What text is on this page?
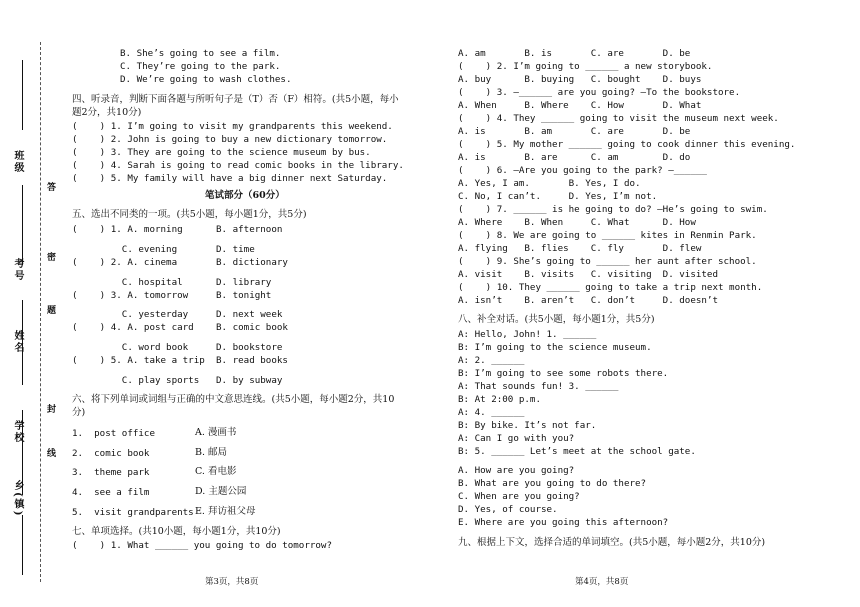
班级
考号
姓名
学校
乡(镇)
答
密
题
封
线
B. She’s going to see a film.
C. They’re going to the park.
D. We’re going to wash clothes.
四、听录音，判断下面各题与所听句子是（T）否（F）相符。(共5小题，每小
题2分，共10分)
(    ) 1. I’m going to visit my grandparents this weekend.
(    ) 2. John is going to buy a new dictionary tomorrow.
(    ) 3. They are going to the science museum by bus.
(    ) 4. Sarah is going to read comic books in the library.
(    ) 5. My family will have a big dinner next Saturday.
笔试部分（60分）
五、选出不同类的一项。(共5小题，每小题1分，共5分)
(    ) 1. A. morning	B. afternoon
C. evening	D. time
(    ) 2. A. cinema	B. dictionary
C. hospital	D. library
(    ) 3. A. tomorrow	B. tonight
C. yesterday	D. next week
(    ) 4. A. post card B. comic book
C. word book	D. bookstore
(    ) 5. A. take a trip B. read books
C. play sports D. by subway
六、将下列单词或词组与正确的中文意思连线。(共5小题，每小题2分，共10
分)
1.  post office	A. 漫画书
2.  comic book	B. 邮局
3.  theme park	C. 看电影
4.  see a film	D. 主题公园
5.  visit grandparents E. 拜访祖父母
七、单项选择。(共10小题，每小题1分，共10分)
(    ) 1. What ______ you going to do tomorrow?
第3页，共8页
A. am       B. is       C. are       D. be
(    ) 2. I’m going to ______ a new storybook.
A. buy      B. buying   C. bought    D. buys
(    ) 3. —______ are you going? —To the bookstore.
A. When     B. Where    C. How       D. What
(    ) 4. They ______ going to visit the museum next week.
A. is       B. am       C. are       D. be
(    ) 5. My mother ______ going to cook dinner this evening.
A. is       B. are      C. am        D. do
(    ) 6. —Are you going to the park? —______
A. Yes, I am.       B. Yes, I do.
C. No, I can’t.     D. Yes, I’m not.
(    ) 7. ______ is he going to do? —He’s going to swim.
A. Where    B. When     C. What      D. How
(    ) 8. We are going to ______ kites in Renmin Park.
A. flying   B. flies    C. fly       D. flew
(    ) 9. She’s going to ______ her aunt after school.
A. visit    B. visits   C. visiting  D. visited
(    ) 10. They ______ going to take a trip next month.
A. isn’t    B. aren’t   C. don’t     D. doesn’t
八、补全对话。(共5小题，每小题1分，共5分)
A: Hello, John! 1. ______
B: I’m going to the science museum.
A: 2. ______
B: I’m going to see some robots there.
A: That sounds fun! 3. ______
B: At 2:00 p.m.
A: 4. ______
B: By bike. It’s not far.
A: Can I go with you?
B: 5. ______ Let’s meet at the school gate.
A. How are you going?
B. What are you going to do there?
C. When are you going?
D. Yes, of course.
E. Where are you going this afternoon?
九、根据上下文，选择合适的单词填空。(共5小题，每小题2分，共10分)
第4页，共8页
